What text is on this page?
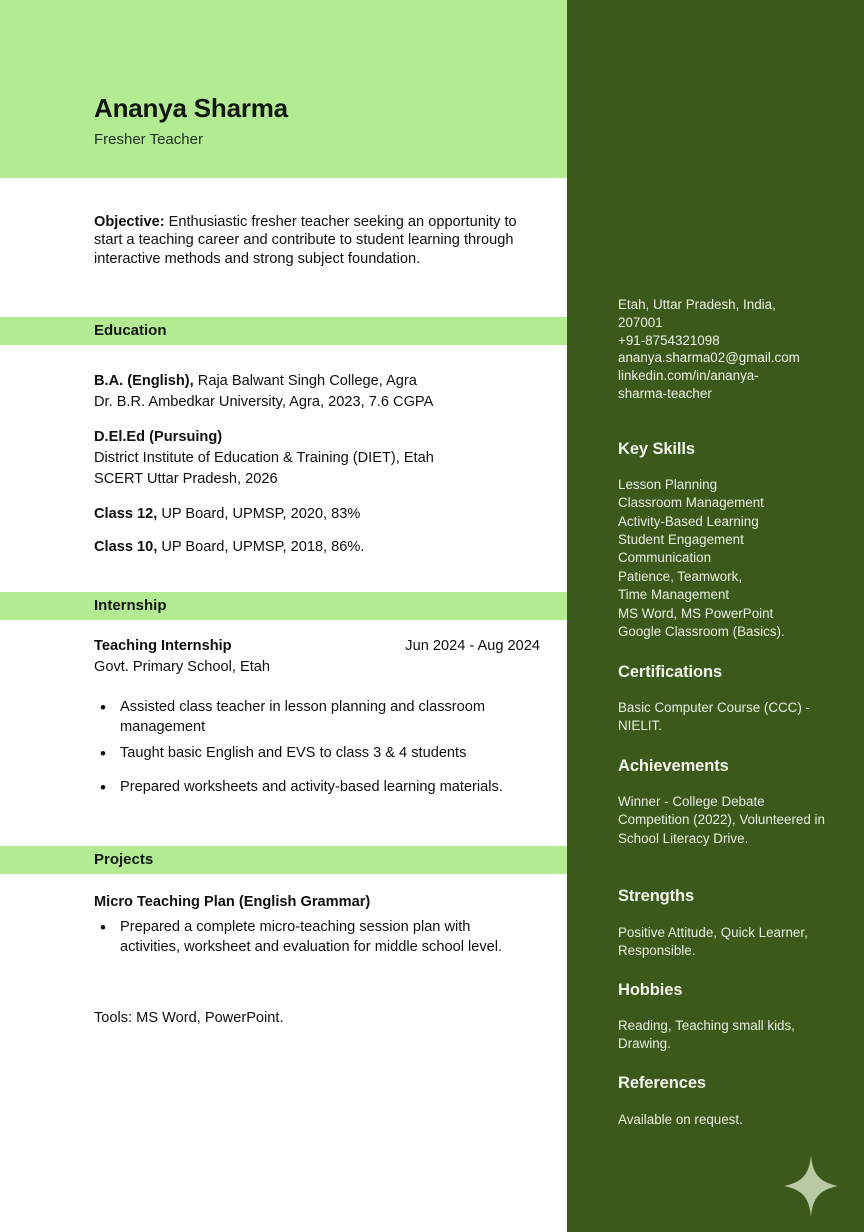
Ananya Sharma
Fresher Teacher
Objective: Enthusiastic fresher teacher seeking an opportunity to start a teaching career and contribute to student learning through interactive methods and strong subject foundation.
Education
B.A. (English), Raja Balwant Singh College, Agra
Dr. B.R. Ambedkar University, Agra, 2023, 7.6 CGPA
D.El.Ed (Pursuing)
District Institute of Education & Training (DIET), Etah
SCERT Uttar Pradesh, 2026
Class 12, UP Board, UPMSP, 2020, 83%
Class 10, UP Board, UPMSP, 2018, 86%.
Internship
Teaching Internship	Jun 2024 - Aug 2024
Govt. Primary School, Etah
• Assisted class teacher in lesson planning and classroom management
• Taught basic English and EVS to class 3 & 4 students
• Prepared worksheets and activity-based learning materials.
Projects
Micro Teaching Plan (English Grammar)
• Prepared a complete micro-teaching session plan with activities, worksheet and evaluation for middle school level.
Tools: MS Word, PowerPoint.
Etah, Uttar Pradesh, India,
207001
+91-8754321098
ananya.sharma02@gmail.com
linkedin.com/in/ananya-
sharma-teacher
Key Skills
Lesson Planning
Classroom Management
Activity-Based Learning
Student Engagement
Communication
Patience, Teamwork,
Time Management
MS Word, MS PowerPoint
Google Classroom (Basics).
Certifications
Basic Computer Course (CCC) - NIELIT.
Achievements
Winner - College Debate Competition (2022), Volunteered in School Literacy Drive.
Strengths
Positive Attitude, Quick Learner, Responsible.
Hobbies
Reading, Teaching small kids, Drawing.
References
Available on request.
